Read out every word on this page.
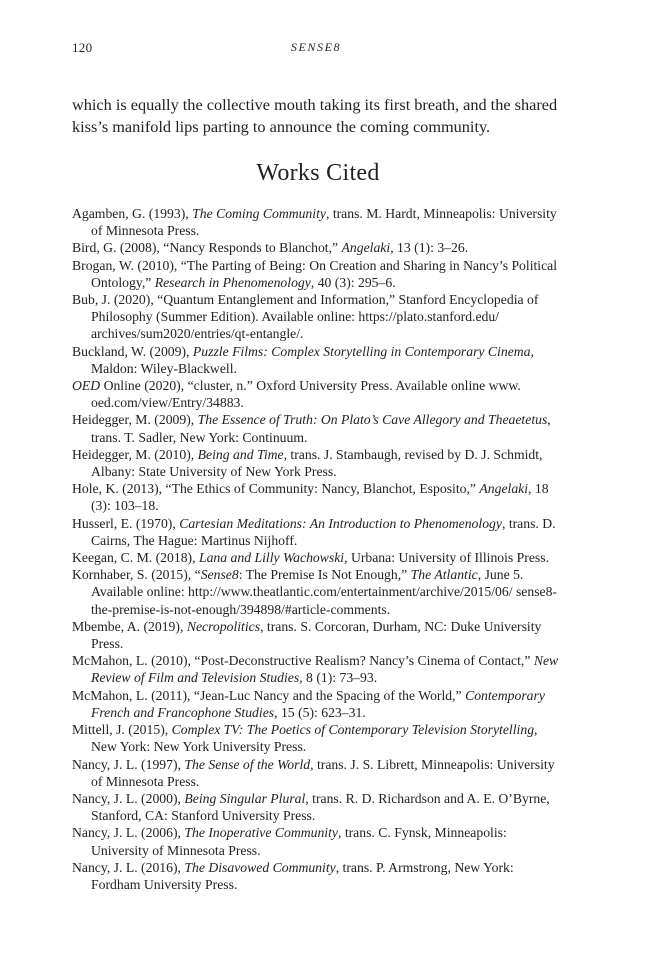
120	SENSE8

which is equally the collective mouth taking its first breath, and the shared
kiss’s manifold lips parting to announce the coming community.

Works Cited
Agamben, G. (1993), The Coming Community, trans. M. Hardt, Minneapolis: University of Minnesota Press.
Bird, G. (2008), “Nancy Responds to Blanchot,” Angelaki, 13 (1): 3–26.
Brogan, W. (2010), “The Parting of Being: On Creation and Sharing in Nancy’s Political Ontology,” Research in Phenomenology, 40 (3): 295–6.
Bub, J. (2020), “Quantum Entanglement and Information,” Stanford Encyclopedia of Philosophy (Summer Edition). Available online: https://plato.stanford.edu/ archives/sum2020/entries/qt-entangle/.
Buckland, W. (2009), Puzzle Films: Complex Storytelling in Contemporary Cinema, Maldon: Wiley-Blackwell.
OED Online (2020), “cluster, n.” Oxford University Press. Available online www. oed.com/view/Entry/34883.
Heidegger, M. (2009), The Essence of Truth: On Plato’s Cave Allegory and Theaetetus, trans. T. Sadler, New York: Continuum.
Heidegger, M. (2010), Being and Time, trans. J. Stambaugh, revised by D. J. Schmidt, Albany: State University of New York Press.
Hole, K. (2013), “The Ethics of Community: Nancy, Blanchot, Esposito,” Angelaki, 18 (3): 103–18.
Husserl, E. (1970), Cartesian Meditations: An Introduction to Phenomenology, trans. D. Cairns, The Hague: Martinus Nijhoff.
Keegan, C. M. (2018), Lana and Lilly Wachowski, Urbana: University of Illinois Press.
Kornhaber, S. (2015), “Sense8: The Premise Is Not Enough,” The Atlantic, June 5. Available online: http://www.theatlantic.com/entertainment/archive/2015/06/ sense8-the-premise-is-not-enough/394898/#article-comments.
Mbembe, A. (2019), Necropolitics, trans. S. Corcoran, Durham, NC: Duke University Press.
McMahon, L. (2010), “Post-Deconstructive Realism? Nancy’s Cinema of Contact,” New Review of Film and Television Studies, 8 (1): 73–93.
McMahon, L. (2011), “Jean-Luc Nancy and the Spacing of the World,” Contemporary French and Francophone Studies, 15 (5): 623–31.
Mittell, J. (2015), Complex TV: The Poetics of Contemporary Television Storytelling, New York: New York University Press.
Nancy, J. L. (1997), The Sense of the World, trans. J. S. Librett, Minneapolis: University of Minnesota Press.
Nancy, J. L. (2000), Being Singular Plural, trans. R. D. Richardson and A. E. O’Byrne, Stanford, CA: Stanford University Press.
Nancy, J. L. (2006), The Inoperative Community, trans. C. Fynsk, Minneapolis: University of Minnesota Press.
Nancy, J. L. (2016), The Disavowed Community, trans. P. Armstrong, New York: Fordham University Press.
